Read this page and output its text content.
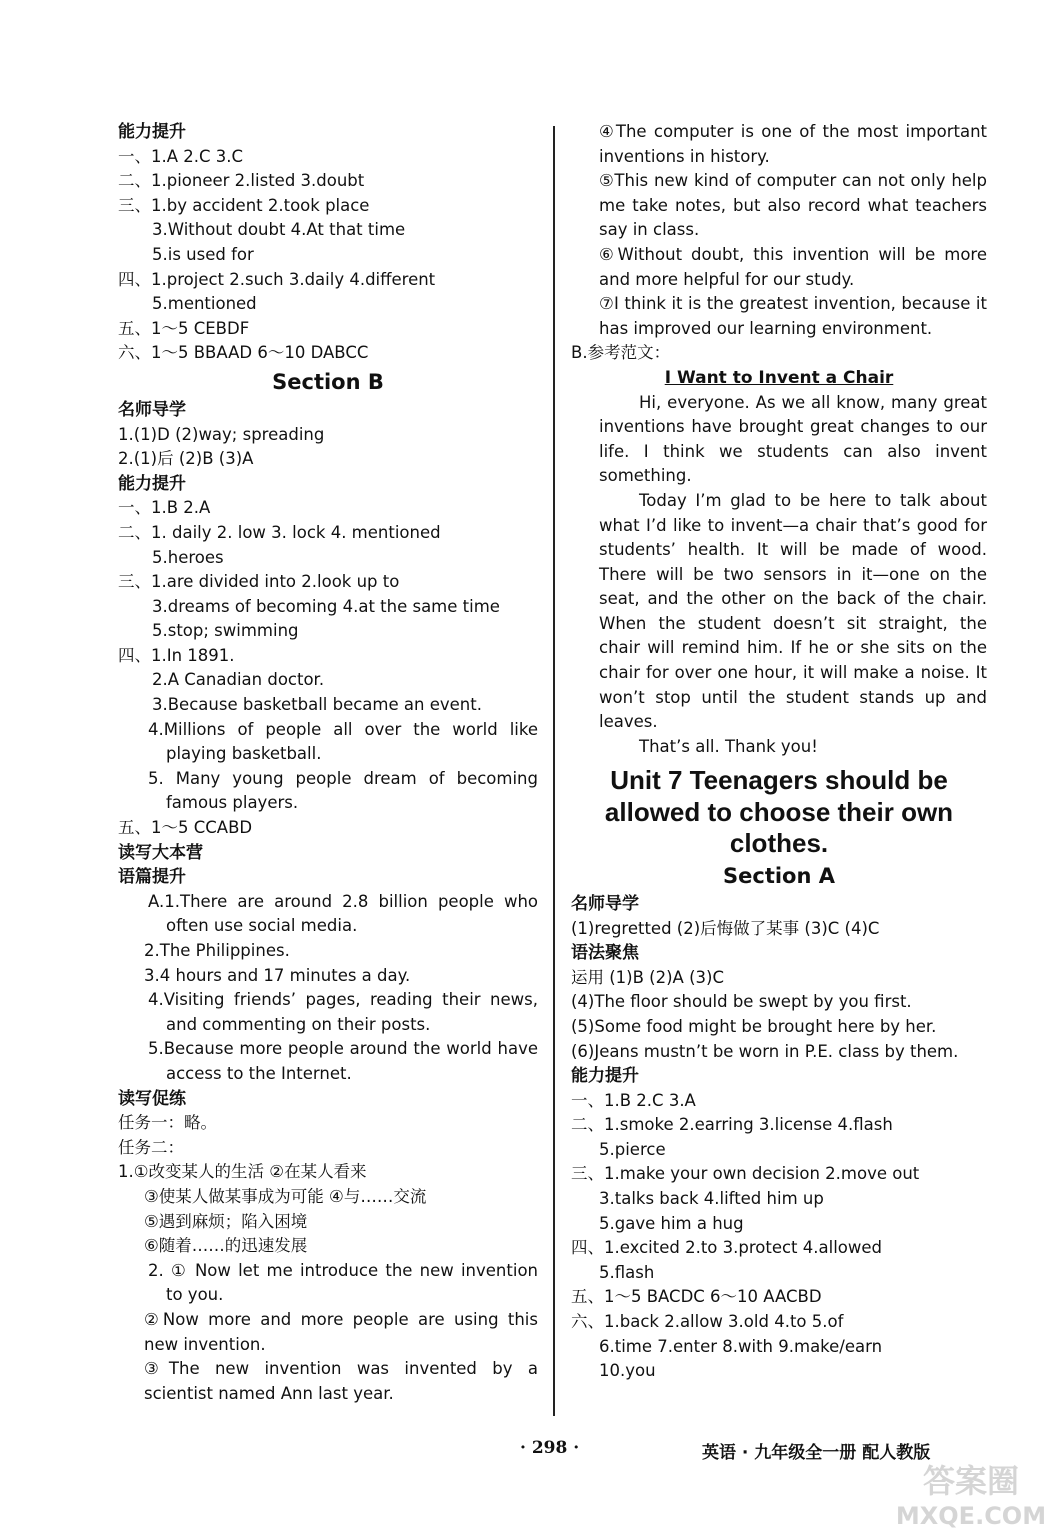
能力提升
一、1.A 2.C 3.C
二、1.pioneer 2.listed 3.doubt
三、1.by accident 2.took place
3.Without doubt 4.At that time
5.is used for
四、1.project 2.such 3.daily 4.different
5.mentioned
五、1～5 CEBDF
六、1～5 BBAAD 6～10 DABCC
Section B
名师导学
1.(1)D (2)way; spreading
2.(1)后 (2)B (3)A
能力提升
一、1.B 2.A
二、1. daily 2. low 3. lock 4. mentioned
5.heroes
三、1.are divided into 2.look up to
3.dreams of becoming 4.at the same time
5.stop; swimming
四、1.In 1891.
2.A Canadian doctor.
3.Because basketball became an event.
4.Millions of people all over the world like playing basketball.
5. Many young people dream of becoming famous players.
五、1～5 CCABD
读写大本营
语篇提升
A.1.There are around 2.8 billion people who often use social media.
2.The Philippines.
3.4 hours and 17 minutes a day.
4.Visiting friends’ pages, reading their news, and commenting on their posts.
5.Because more people around the world have access to the Internet.
读写促练
任务一：略。
任务二：
1.①改变某人的生活 ②在某人看来
③使某人做某事成为可能 ④与……交流
⑤遇到麻烦；陷入困境
⑥随着……的迅速发展
2. ① Now let me introduce the new invention to you.
②Now more and more people are using this new invention.
③The new invention was invented by a scientist named Ann last year.
④The computer is one of the most important inventions in history.
⑤This new kind of computer can not only help me take notes, but also record what teachers say in class.
⑥Without doubt, this invention will be more and more helpful for our study.
⑦I think it is the greatest invention, because it has improved our learning environment.
B.参考范文：
I Want to Invent a Chair
Hi, everyone. As we all know, many great inventions have brought great changes to our life. I think we students can also invent something.
Today I’m glad to be here to talk about what I’d like to invent—a chair that’s good for students’ health. It will be made of wood. There will be two sensors in it—one on the seat, and the other on the back of the chair. When the student doesn’t sit straight, the chair will remind him. If he or she sits on the chair for over one hour, it will make a noise. It won’t stop until the student stands up and leaves.
That’s all. Thank you!
Unit 7 Teenagers should be allowed to choose their own clothes.
Section A
名师导学
(1)regretted (2)后悔做了某事 (3)C (4)C
语法聚焦
运用 (1)B (2)A (3)C
(4)The floor should be swept by you first.
(5)Some food might be brought here by her.
(6)Jeans mustn’t be worn in P.E. class by them.
能力提升
一、1.B 2.C 3.A
二、1.smoke 2.earring 3.license 4.flash
5.pierce
三、1.make your own decision 2.move out
3.talks back 4.lifted him up
5.gave him a hug
四、1.excited 2.to 3.protect 4.allowed
5.flash
五、1～5 BACDC 6～10 AACBD
六、1.back 2.allow 3.old 4.to 5.of
6.time 7.enter 8.with 9.make/earn
10.you
· 298 ·	英语 · 九年级全一册 配人教版
答案圈
MXQE.COM
